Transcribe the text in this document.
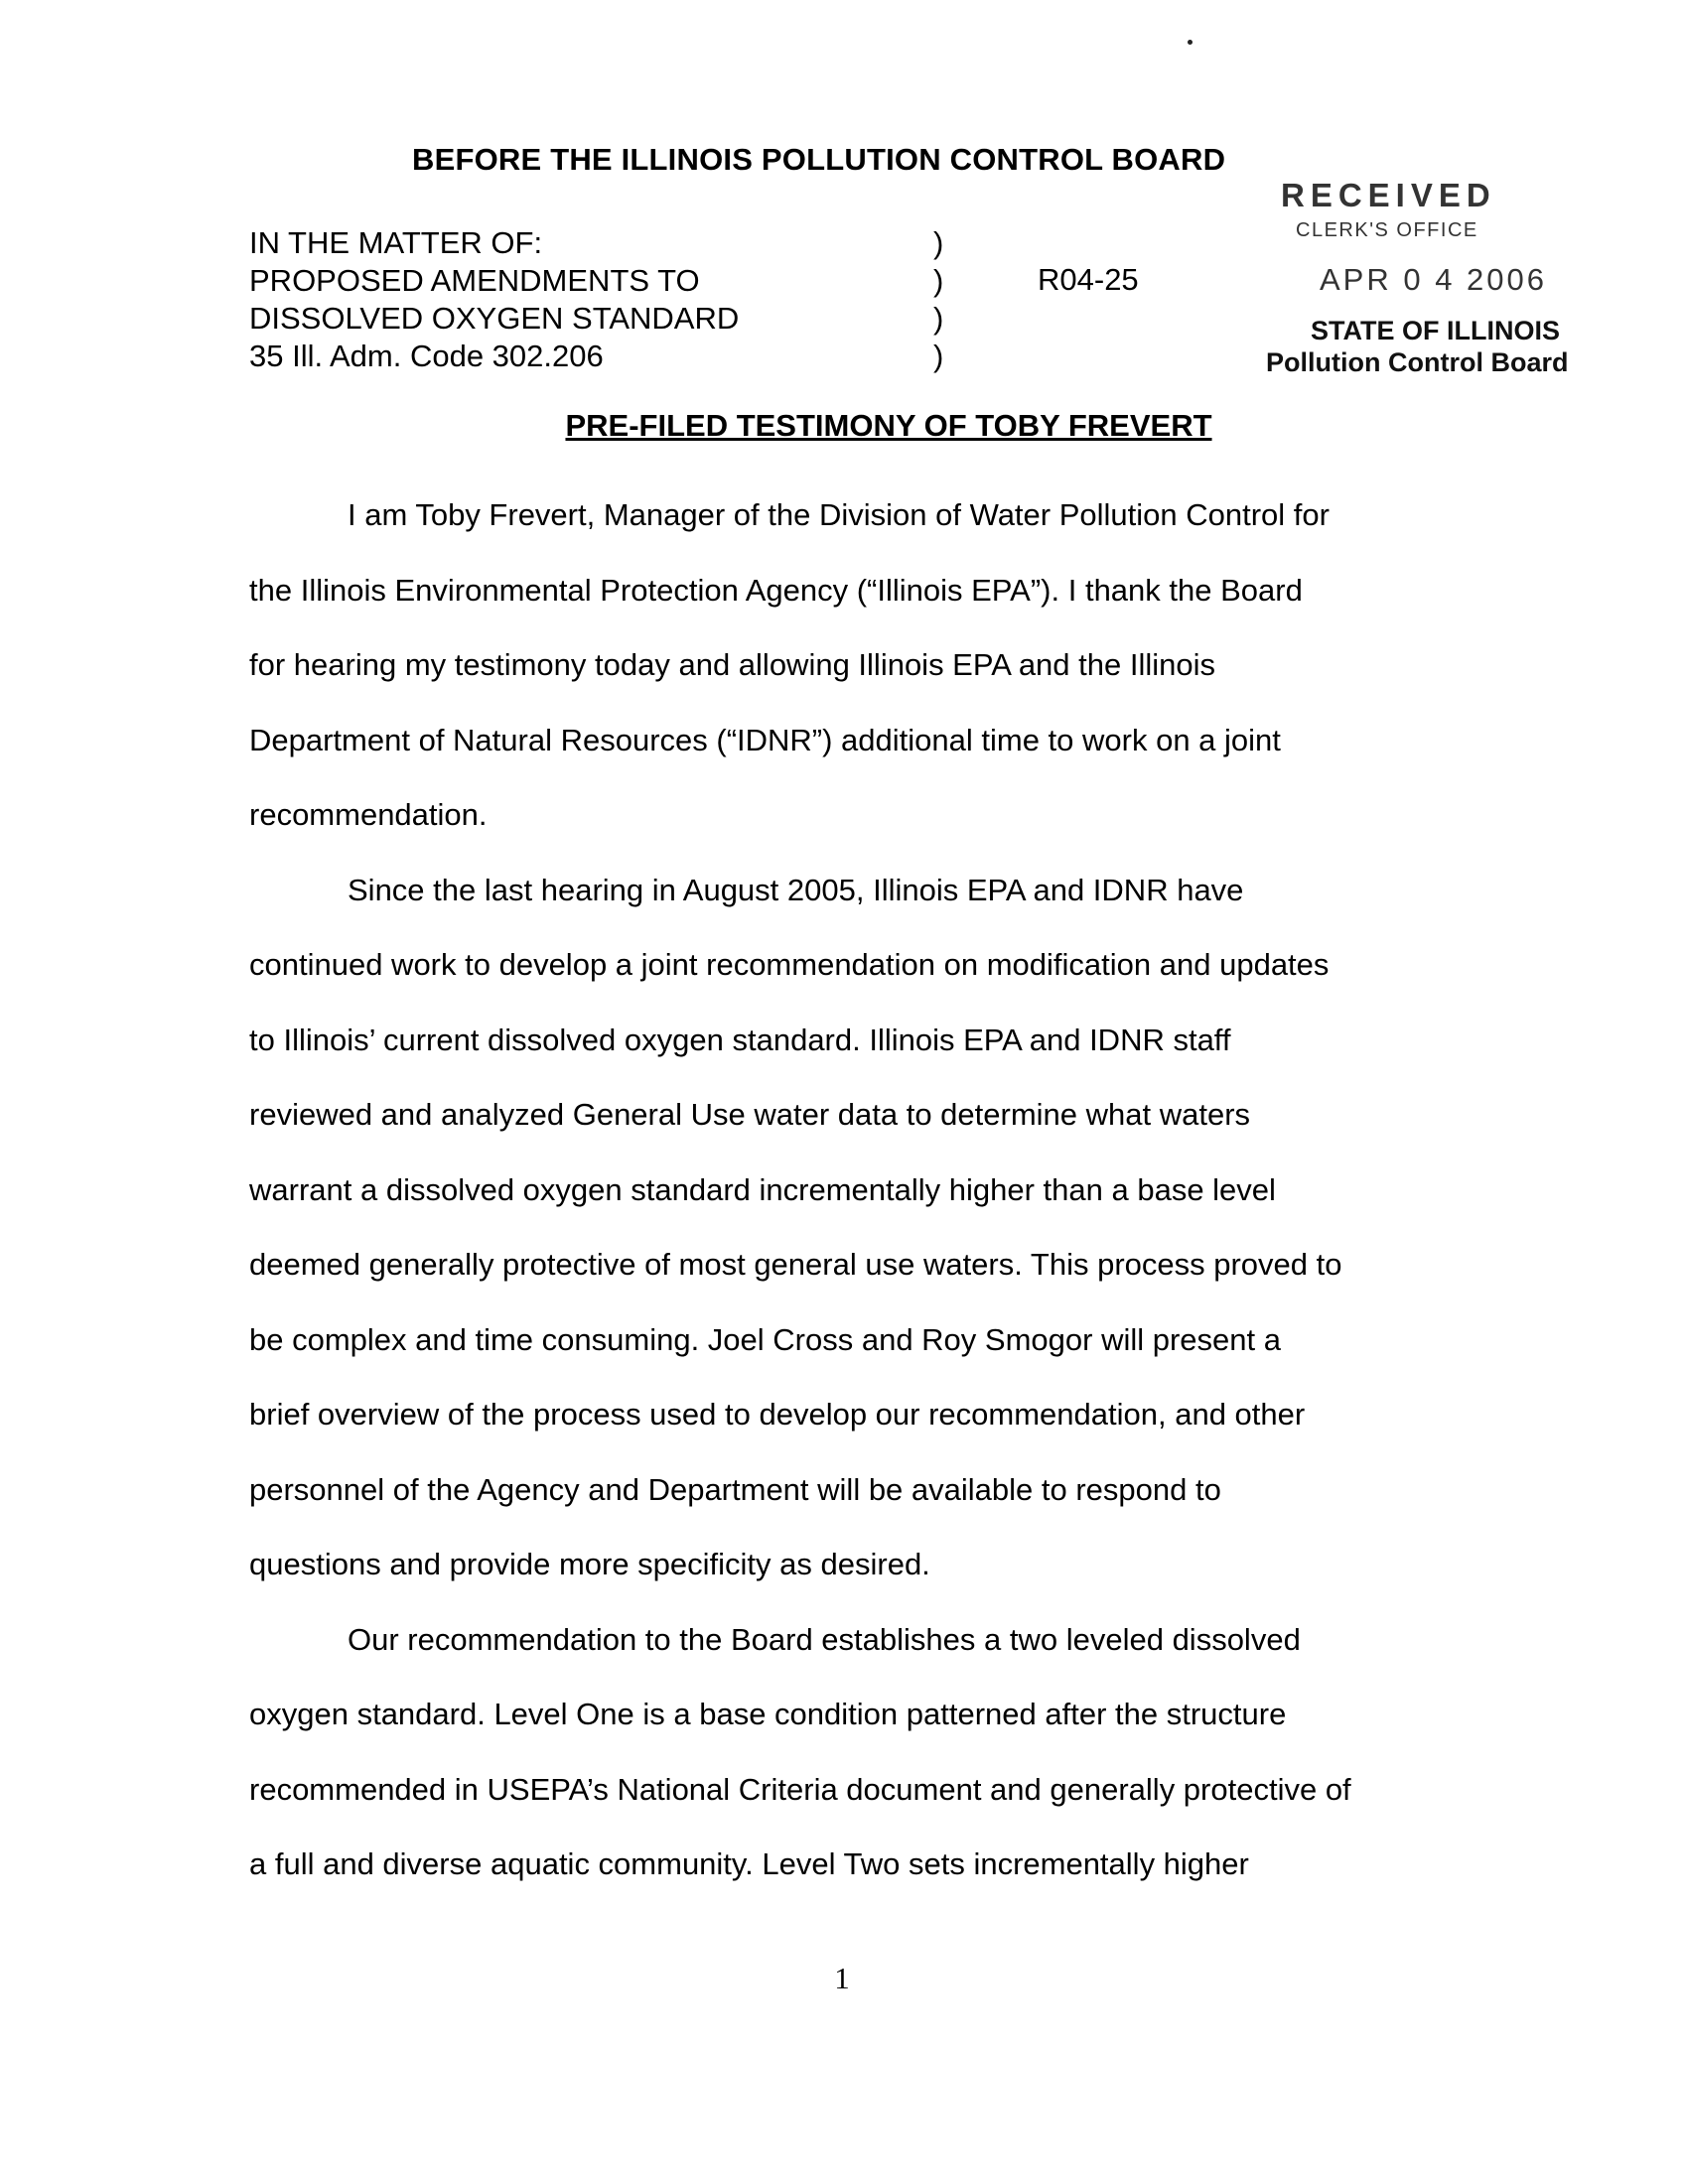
BEFORE THE ILLINOIS POLLUTION CONTROL BOARD
RECEIVED
CLERK'S OFFICE
APR 0 4 2006
STATE OF ILLINOIS
Pollution Control Board
IN THE MATTER OF:
PROPOSED AMENDMENTS TO
DISSOLVED OXYGEN STANDARD
35 Ill. Adm. Code 302.206
)
)
)
)
R04-25
PRE-FILED TESTIMONY OF TOBY FREVERT
I am Toby Frevert, Manager of the Division of Water Pollution Control for
the Illinois Environmental Protection Agency (“Illinois EPA”). I thank the Board
for hearing my testimony today and allowing Illinois EPA and the Illinois
Department of Natural Resources (“IDNR”) additional time to work on a joint
recommendation.
Since the last hearing in August 2005, Illinois EPA and IDNR have
continued work to develop a joint recommendation on modification and updates
to Illinois’ current dissolved oxygen standard. Illinois EPA and IDNR staff
reviewed and analyzed General Use water data to determine what waters
warrant a dissolved oxygen standard incrementally higher than a base level
deemed generally protective of most general use waters. This process proved to
be complex and time consuming. Joel Cross and Roy Smogor will present a
brief overview of the process used to develop our recommendation, and other
personnel of the Agency and Department will be available to respond to
questions and provide more specificity as desired.
Our recommendation to the Board establishes a two leveled dissolved
oxygen standard. Level One is a base condition patterned after the structure
recommended in USEPA’s National Criteria document and generally protective of
a full and diverse aquatic community. Level Two sets incrementally higher
1
